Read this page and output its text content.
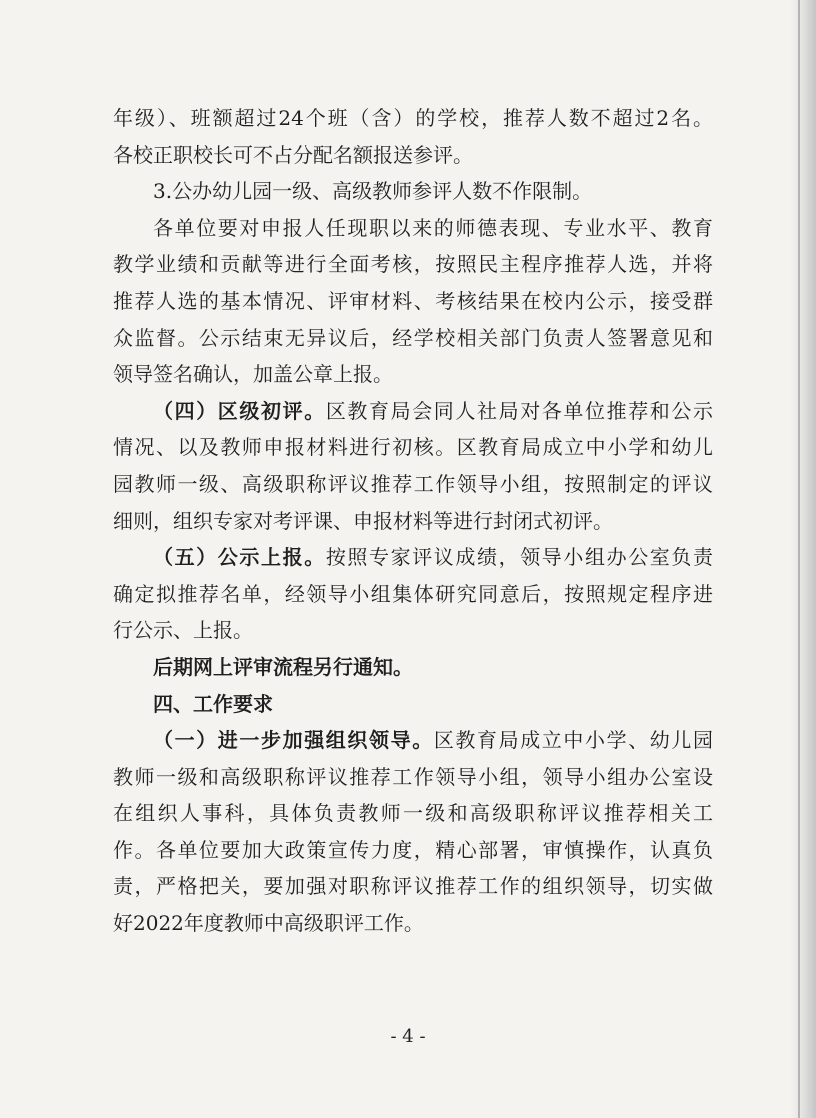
年级）、班额超过24个班（含）的学校，推荐人数不超过2名。
各校正职校长可不占分配名额报送参评。
3.公办幼儿园一级、高级教师参评人数不作限制。
各单位要对申报人任现职以来的师德表现、专业水平、教育
教学业绩和贡献等进行全面考核，按照民主程序推荐人选，并将
推荐人选的基本情况、评审材料、考核结果在校内公示，接受群
众监督。公示结束无异议后，经学校相关部门负责人签署意见和
领导签名确认，加盖公章上报。
（四）区级初评。区教育局会同人社局对各单位推荐和公示
情况、以及教师申报材料进行初核。区教育局成立中小学和幼儿
园教师一级、高级职称评议推荐工作领导小组，按照制定的评议
细则，组织专家对考评课、申报材料等进行封闭式初评。
（五）公示上报。按照专家评议成绩，领导小组办公室负责
确定拟推荐名单，经领导小组集体研究同意后，按照规定程序进
行公示、上报。
后期网上评审流程另行通知。
四、工作要求
（一）进一步加强组织领导。区教育局成立中小学、幼儿园
教师一级和高级职称评议推荐工作领导小组，领导小组办公室设
在组织人事科，具体负责教师一级和高级职称评议推荐相关工
作。各单位要加大政策宣传力度，精心部署，审慎操作，认真负
责，严格把关，要加强对职称评议推荐工作的组织领导，切实做
好2022年度教师中高级职评工作。
- 4 -
